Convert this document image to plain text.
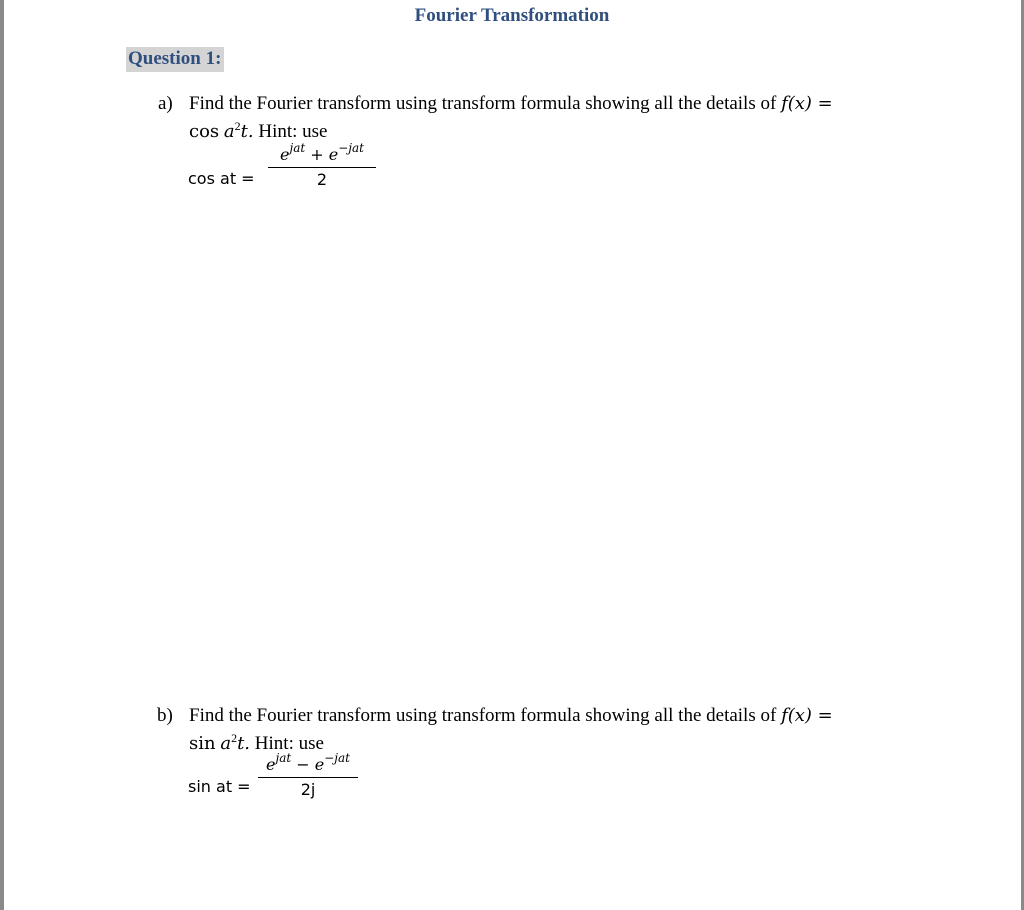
Fourier Transformation
Question 1:
a) Find the Fourier transform using transform formula showing all the details of f(x) =
$\cos a^2t$. Hint: use
cos at =
$e^{jat} + e^{-jat}$
2
b) Find the Fourier transform using transform formula showing all the details of f(x) =
$\sin a^2t$. Hint: use
sin at =
$e^{jat} - e^{-jat}$
2j
